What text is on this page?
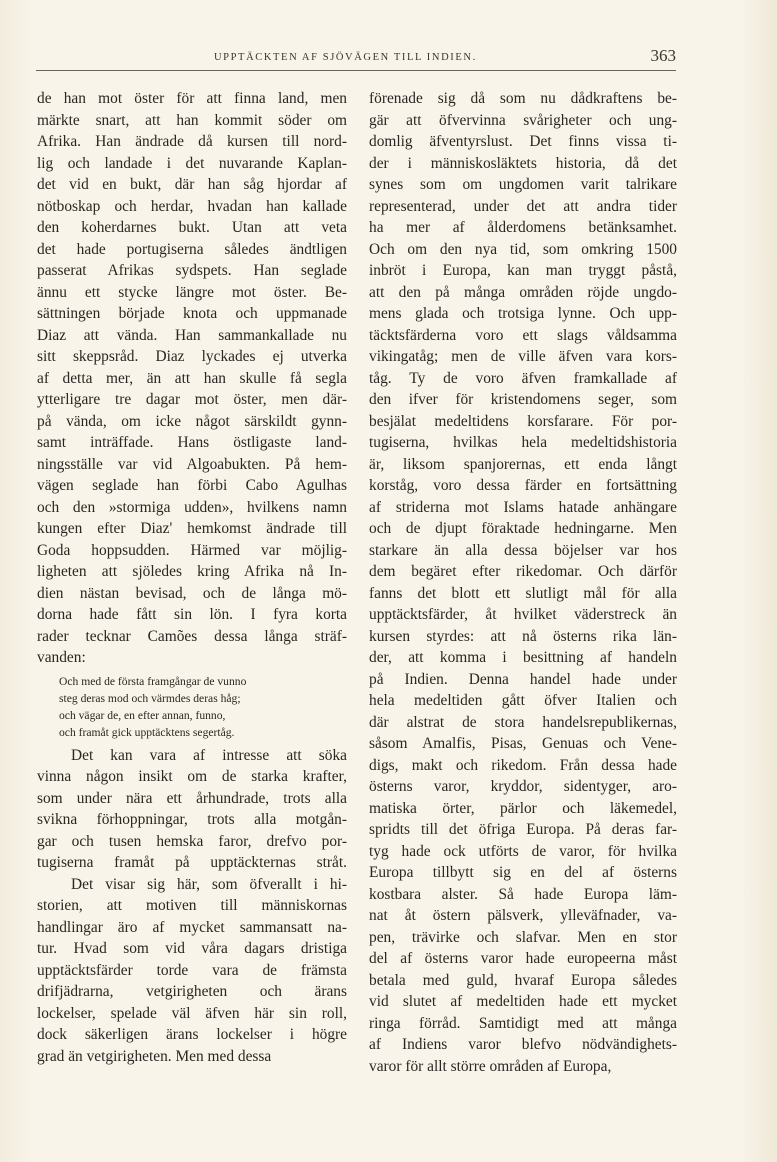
UPPTÄCKTEN AF SJÖVÄGEN TILL INDIEN.	363
de han mot öster för att finna land, men
märkte snart, att han kommit söder om
Afrika. Han ändrade då kursen till nord-
lig och landade i det nuvarande Kaplan-
det vid en bukt, där han såg hjordar af
nötboskap och herdar, hvadan han kallade
den koherdarnes bukt. Utan att veta
det hade portugiserna således ändtligen
passerat Afrikas sydspets. Han seglade
ännu ett stycke längre mot öster. Be-
sättningen började knota och uppmanade
Diaz att vända. Han sammankallade nu
sitt skeppsråd. Diaz lyckades ej utverka
af detta mer, än att han skulle få segla
ytterligare tre dagar mot öster, men där-
på vända, om icke något särskildt gynn-
samt inträffade. Hans östligaste land-
ningsställe var vid Algoabukten. På hem-
vägen seglade han förbi Cabo Agulhas
och den »stormiga udden», hvilkens namn
kungen efter Diaz' hemkomst ändrade till
Goda hoppsudden. Härmed var möjlig-
ligheten att sjöledes kring Afrika nå In-
dien nästan bevisad, och de långa mö-
dorna hade fått sin lön. I fyra korta
rader tecknar Camões dessa långa sträf-
vanden:
Och med de första framgångar de vunno
steg deras mod och värmdes deras håg;
och vägar de, en efter annan, funno,
och framåt gick upptäcktens segertåg.
Det kan vara af intresse att söka
vinna någon insikt om de starka krafter,
som under nära ett århundrade, trots alla
svikna förhoppningar, trots alla motgån-
gar och tusen hemska faror, drefvo por-
tugiserna framåt på upptäckternas stråt.
Det visar sig här, som öfverallt i hi-
storien, att motiven till människornas
handlingar äro af mycket sammansatt na-
tur. Hvad som vid våra dagars dristiga
upptäcktsfärder torde vara de främsta
drifjädrarna, vetgirigheten och ärans
lockelser, spelade väl äfven här sin roll,
dock säkerligen ärans lockelser i högre
grad än vetgirigheten. Men med dessa
förenade sig då som nu dådkraftens be-
gär att öfvervinna svårigheter och ung-
domlig äfventyrslust. Det finns vissa ti-
der i människosläktets historia, då det
synes som om ungdomen varit talrikare
representerad, under det att andra tider
ha mer af ålderdomens betänksamhet.
Och om den nya tid, som omkring 1500
inbröt i Europa, kan man tryggt påstå,
att den på många områden röjde ungdo-
mens glada och trotsiga lynne. Och upp-
täcktsfärderna voro ett slags våldsamma
vikingatåg; men de ville äfven vara kors-
tåg. Ty de voro äfven framkallade af
den ifver för kristendomens seger, som
besjälat medeltidens korsfarare. För por-
tugiserna, hvilkas hela medeltidshistoria
är, liksom spanjorernas, ett enda långt
korståg, voro dessa färder en fortsättning
af striderna mot Islams hatade anhängare
och de djupt föraktade hedningarne. Men
starkare än alla dessa böjelser var hos
dem begäret efter rikedomar. Och därför
fanns det blott ett slutligt mål för alla
upptäcktsfärder, åt hvilket väderstreck än
kursen styrdes: att nå österns rika län-
der, att komma i besittning af handeln
på Indien. Denna handel hade under
hela medeltiden gått öfver Italien och
där alstrat de stora handelsrepublikernas,
såsom Amalfis, Pisas, Genuas och Vene-
digs, makt och rikedom. Från dessa hade
österns varor, kryddor, sidentyger, aro-
matiska örter, pärlor och läkemedel,
spridts till det öfriga Europa. På deras far-
tyg hade ock utförts de varor, för hvilka
Europa tillbytt sig en del af österns
kostbara alster. Så hade Europa läm-
nat åt östern pälsverk, ylleväfnader, va-
pen, trävirke och slafvar. Men en stor
del af österns varor hade europeerna måst
betala med guld, hvaraf Europa således
vid slutet af medeltiden hade ett mycket
ringa förråd. Samtidigt med att många
af Indiens varor blefvo nödvändighets-
varor för allt större områden af Europa,
